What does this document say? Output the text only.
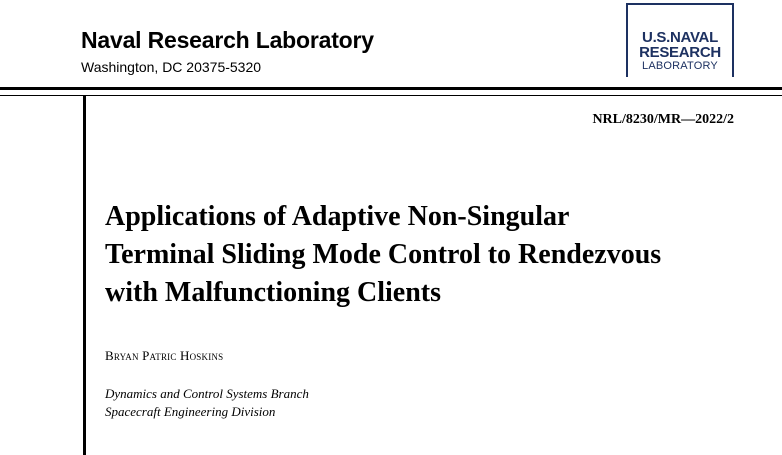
Naval Research Laboratory
Washington, DC 20375-5320
U.S.NAVAL
RESEARCH
LABORATORY
NRL/8230/MR—2022/2
Applications of Adaptive Non-Singular
Terminal Sliding Mode Control to Rendezvous
with Malfunctioning Clients
Bryan Patric Hoskins
Dynamics and Control Systems Branch
Spacecraft Engineering Division
